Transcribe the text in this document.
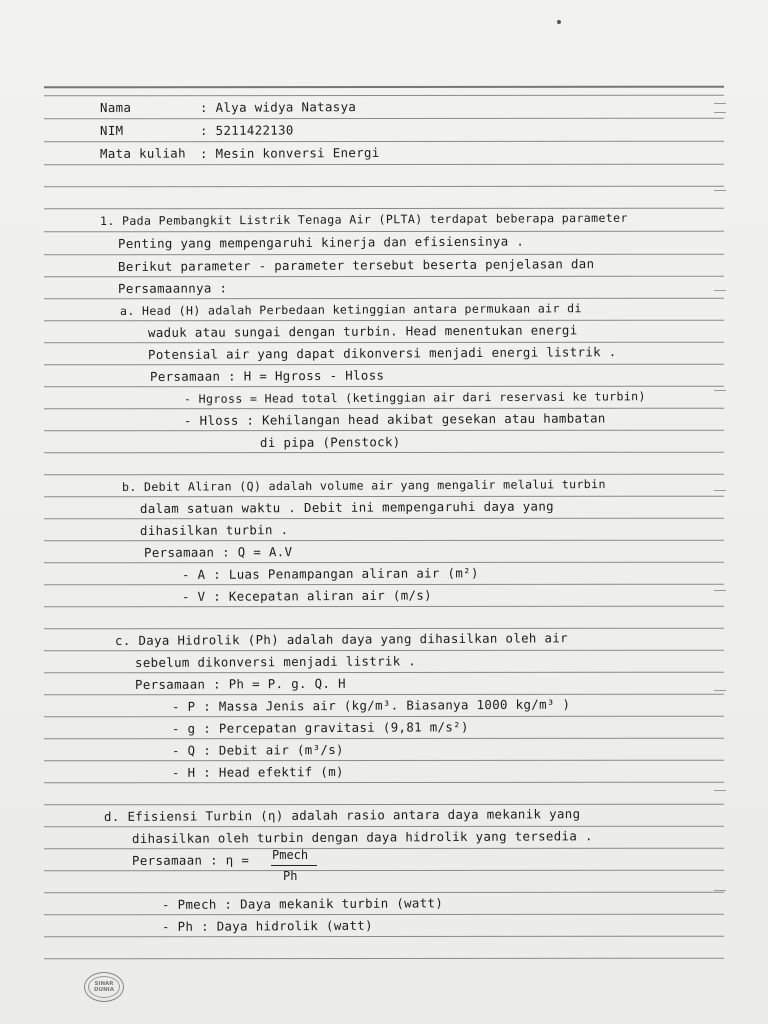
Nama	: Alya widya Natasya

NIM	: 5211422130

Mata kuliah : Mesin konversi Energi

1. Pada Pembangkit Listrik Tenaga Air (PLTA) terdapat beberapa parameter

Penting yang mempengaruhi kinerja dan efisiensinya .

Berikut parameter - parameter tersebut beserta penjelasan dan

Persamaannya :

a. Head (H) adalah Perbedaan ketinggian antara permukaan air di

waduk atau sungai dengan turbin. Head menentukan energi

Potensial air yang dapat dikonversi menjadi energi listrik .

Persamaan : H = Hgross - Hloss

- Hgross = Head total (ketinggian air dari reservasi ke turbin)

- Hloss : Kehilangan head akibat gesekan atau hambatan

di pipa (Penstock)

b. Debit Aliran (Q) adalah volume air yang mengalir melalui turbin

dalam satuan waktu . Debit ini mempengaruhi daya yang

dihasilkan turbin .

Persamaan : Q = A.V

- A : Luas Penampangan aliran air (m²)

- V : Kecepatan aliran air (m/s)

c. Daya Hidrolik (Ph) adalah daya yang dihasilkan oleh air

sebelum dikonversi menjadi listrik .

Persamaan : Ph = P. g. Q. H

- P : Massa Jenis air (kg/m³. Biasanya 1000 kg/m³ )

- g : Percepatan gravitasi (9,81 m/s²)

- Q : Debit air (m³/s)

- H : Head efektif (m)

d. Efisiensi Turbin (η) adalah rasio antara daya mekanik yang

dihasilkan oleh turbin dengan daya hidrolik yang tersedia .

Persamaan : η = Pmech
Ph

- Pmech : Daya mekanik turbin (watt)

- Ph : Daya hidrolik (watt)

SINAR
DUNIA
